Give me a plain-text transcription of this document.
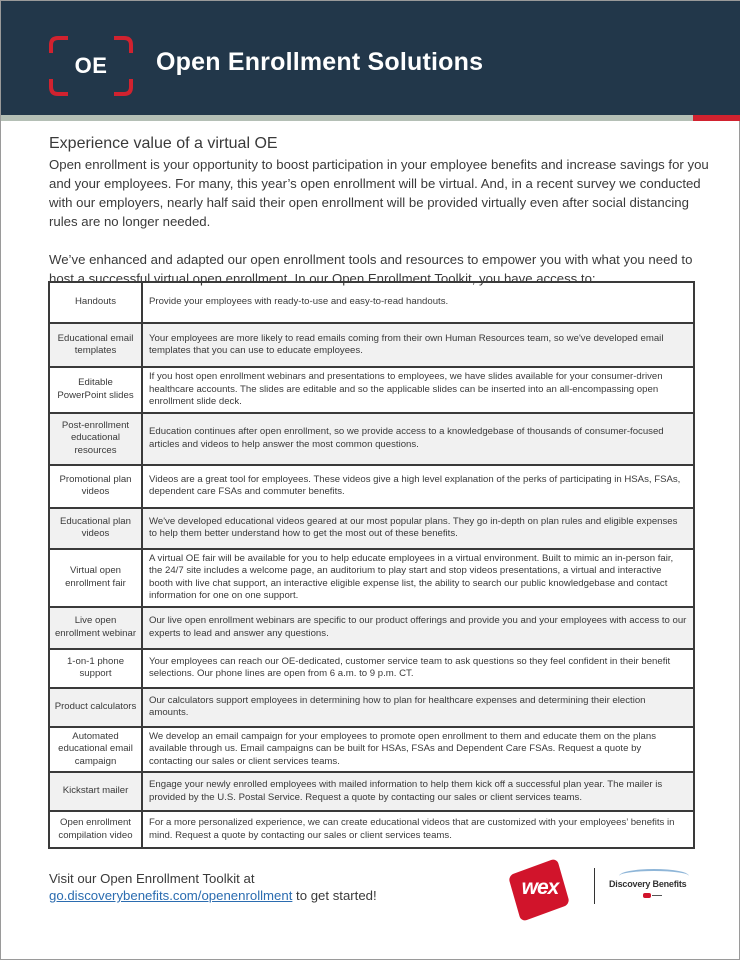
OE	Open Enrollment Solutions
Experience value of a virtual OE

Open enrollment is your opportunity to boost participation in your employee benefits and increase savings for you and your employees. For many, this year’s open enrollment will be virtual. And, in a recent survey we conducted with our employers, nearly half said their open enrollment will be provided virtually even after social distancing rules are no longer needed.

We’ve enhanced and adapted our open enrollment tools and resources to empower you with what you need to host a successful virtual open enrollment. In our Open Enrollment Toolkit, you have access to:

Handouts	Provide your employees with ready-to-use and easy-to-read handouts.
Educational email templates	Your employees are more likely to read emails coming from their own Human Resources team, so we've developed email templates that you can use to educate employees.
Editable PowerPoint slides	If you host open enrollment webinars and presentations to employees, we have slides available for your consumer-driven healthcare accounts. The slides are editable and so the applicable slides can be inserted into an all-encompassing open enrollment slide deck.
Post-enrollment educational resources	Education continues after open enrollment, so we provide access to a knowledgebase of thousands of consumer-focused articles and videos to help answer the most common questions.
Promotional plan videos	Videos are a great tool for employees. These videos give a high level explanation of the perks of participating in HSAs, FSAs, dependent care FSAs and commuter benefits.
Educational plan videos	We've developed educational videos geared at our most popular plans. They go in-depth on plan rules and eligible expenses to help them better understand how to get the most out of these benefits.
Virtual open enrollment fair	A virtual OE fair will be available for you to help educate employees in a virtual environment. Built to mimic an in-person fair, the 24/7 site includes a welcome page, an auditorium to play start and stop videos presentations, a virtual and interactive booth with live chat support, an interactive eligible expense list, the ability to search our public knowledgebase and contact information for one on one support.
Live open enrollment webinar	Our live open enrollment webinars are specific to our product offerings and provide you and your employees with access to our experts to lead and answer any questions.
1-on-1 phone support	Your employees can reach our OE-dedicated, customer service team to ask questions so they feel confident in their benefit selections. Our phone lines are open from 6 a.m. to 9 p.m. CT.
Product calculators	Our calculators support employees in determining how to plan for healthcare expenses and determining their election amounts.
Automated educational email campaign	We develop an email campaign for your employees to promote open enrollment to them and educate them on the plans available through us. Email campaigns can be built for HSAs, FSAs and Dependent Care FSAs. Request a quote by contacting our sales or client services teams.
Kickstart mailer	Engage your newly enrolled employees with mailed information to help them kick off a successful plan year. The mailer is provided by the U.S. Postal Service. Request a quote by contacting our sales or client services teams.
Open enrollment compilation video	For a more personalized experience, we can create educational videos that are customized with your employees’ benefits in mind. Request a quote by contacting our sales or client services teams.
Visit our Open Enrollment Toolkit at
go.discoverybenefits.com/openenrollment to get started!	wex	Discovery Benefits
